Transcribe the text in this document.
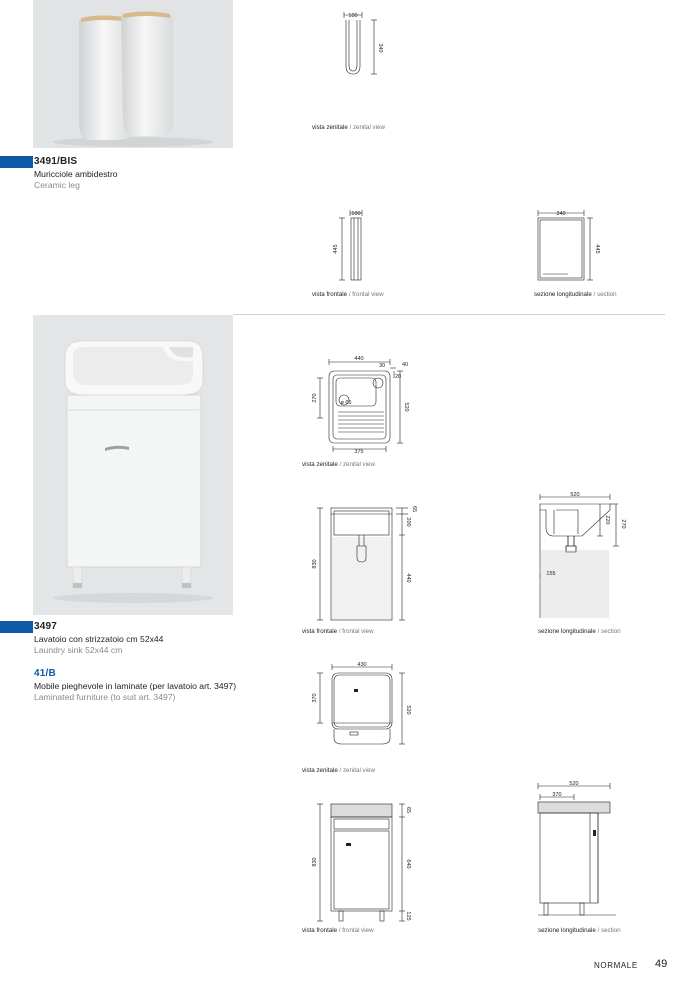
3491/BIS
Muricciole ambidestro
Ceramic leg
3497
Lavatoio con strizzatoio cm 52x44
Laundry sink 52x44 cm
41/B
Mobile pieghevole in laminate (per lavatoio art. 3497)
Laminated furniture (to suit art. 3497)
100
340
vista zenitale / zenital view
100
445
vista frontale / frontal view
340
445
sezione longitudinale / section
440
30	40
20
ø 65
270
520
375
vista zenitale / zenital view
830
200
65
440
vista frontale / frontal view
520
220 270
155
sezione longitudinale / section
430
370
520
vista zenitale / zenital view
830
65
640
125
vista frontale / frontal view
520
370
sezione longitudinale / section
NORMALE 49
